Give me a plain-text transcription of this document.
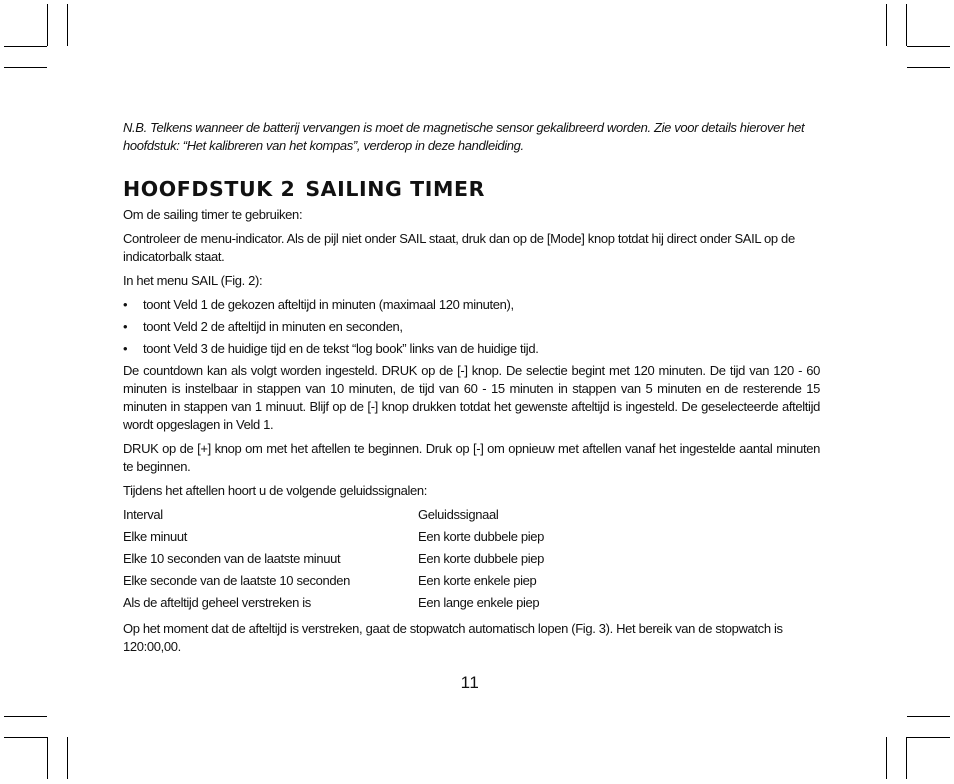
N.B. Telkens wanneer de batterij vervangen is moet de magnetische sensor gekalibreerd worden. Zie voor details hierover het hoofdstuk: “Het kalibreren van het kompas”, verderop in deze handleiding.

HOOFDSTUK 2 SAILING TIMER

Om de sailing timer te gebruiken:

Controleer de menu-indicator. Als de pijl niet onder SAIL staat, druk dan op de [Mode] knop totdat hij direct onder SAIL op de indicatorbalk staat.

In het menu SAIL (Fig. 2):

• toont Veld 1 de gekozen afteltijd in minuten (maximaal 120 minuten),
• toont Veld 2 de afteltijd in minuten en seconden,
• toont Veld 3 de huidige tijd en de tekst “log book” links van de huidige tijd.

De countdown kan als volgt worden ingesteld. DRUK op de [-] knop. De selectie begint met 120 minuten. De tijd van 120 - 60 minuten is instelbaar in stappen van 10 minuten, de tijd van 60 - 15 minuten in stappen van 5 minuten en de resterende 15 minuten in stappen van 1 minuut. Blijf op de [-] knop drukken totdat het gewenste afteltijd is ingesteld. De geselecteerde afteltijd wordt opgeslagen in Veld 1.

DRUK op de [+] knop om met het aftellen te beginnen. Druk op [-] om opnieuw met aftellen vanaf het ingestelde aantal minuten te beginnen.

Tijdens het aftellen hoort u de volgende geluidssignalen:

Interval	Geluidssignaal
Elke minuut	Een korte dubbele piep
Elke 10 seconden van de laatste minuut	Een korte dubbele piep
Elke seconde van de laatste 10 seconden	Een korte enkele piep
Als de afteltijd geheel verstreken is	Een lange enkele piep

Op het moment dat de afteltijd is verstreken, gaat de stopwatch automatisch lopen (Fig. 3). Het bereik van de stopwatch is 120:00,00.

11
